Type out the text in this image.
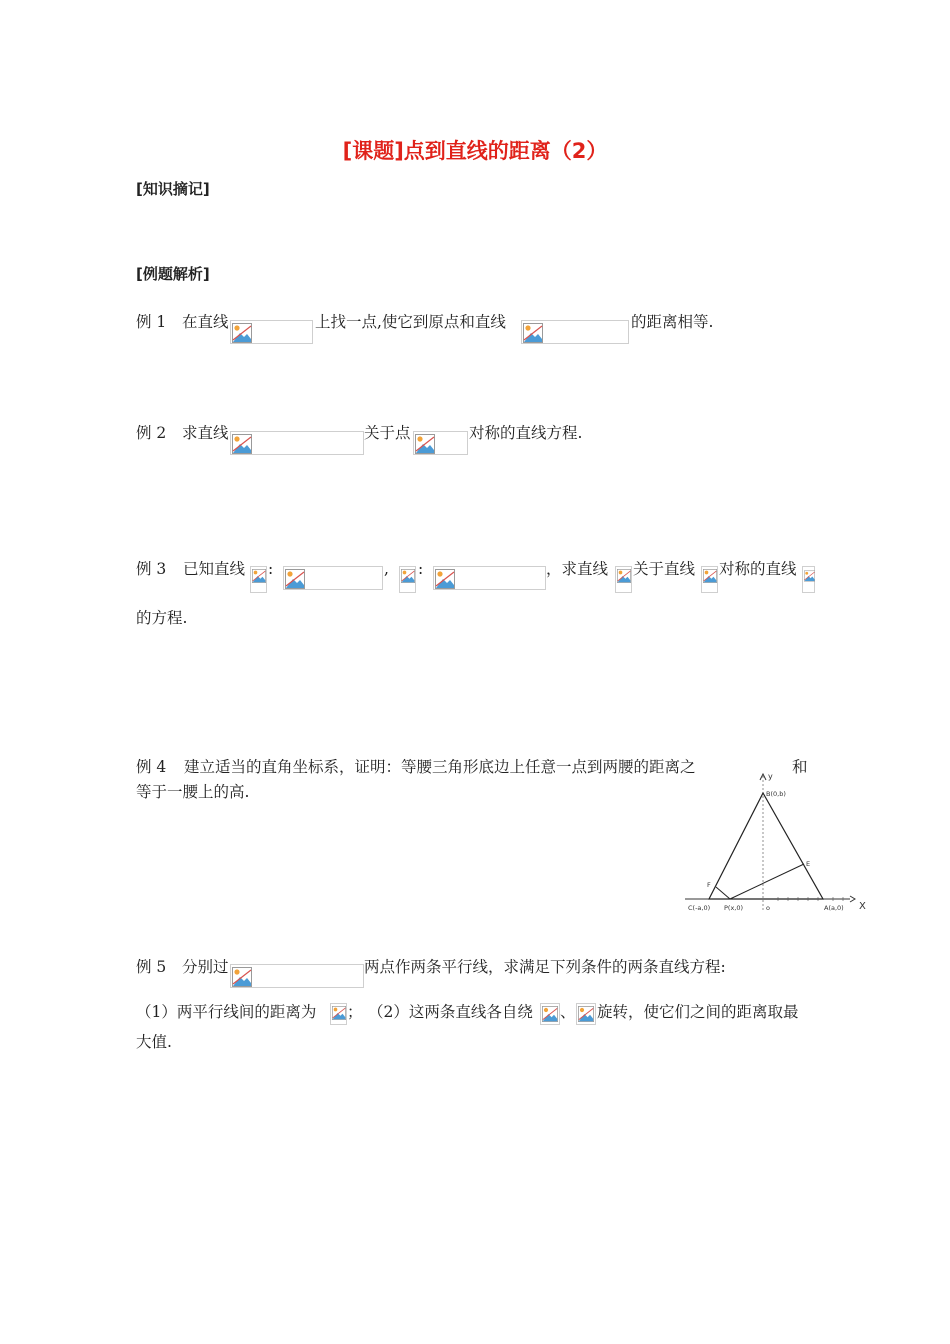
[课题]点到直线的距离（2）
[知识摘记]
[例题解析]
例 1 在直线	上找一点,使它到原点和直线	的距离相等.
例 2 求直线	关于点	对称的直线方程.
例 3 已知直线 :	, :	，求直线 关于直线 对称的直线
的方程.
例 4 建立适当的直角坐标系，证明：等腰三角形底边上任意一点到两腰的距离之	和
等于一腰上的高.
y
X
B(0,b)
E
F
C(-a,0) P(x,0)	o	A(a,0)
例 5 分别过	两点作两条平行线，求满足下列条件的两条直线方程:
（1）两平行线间的距离为 ； （2）这两条直线各自绕 、 旋转，使它们之间的距离取最
大值.
